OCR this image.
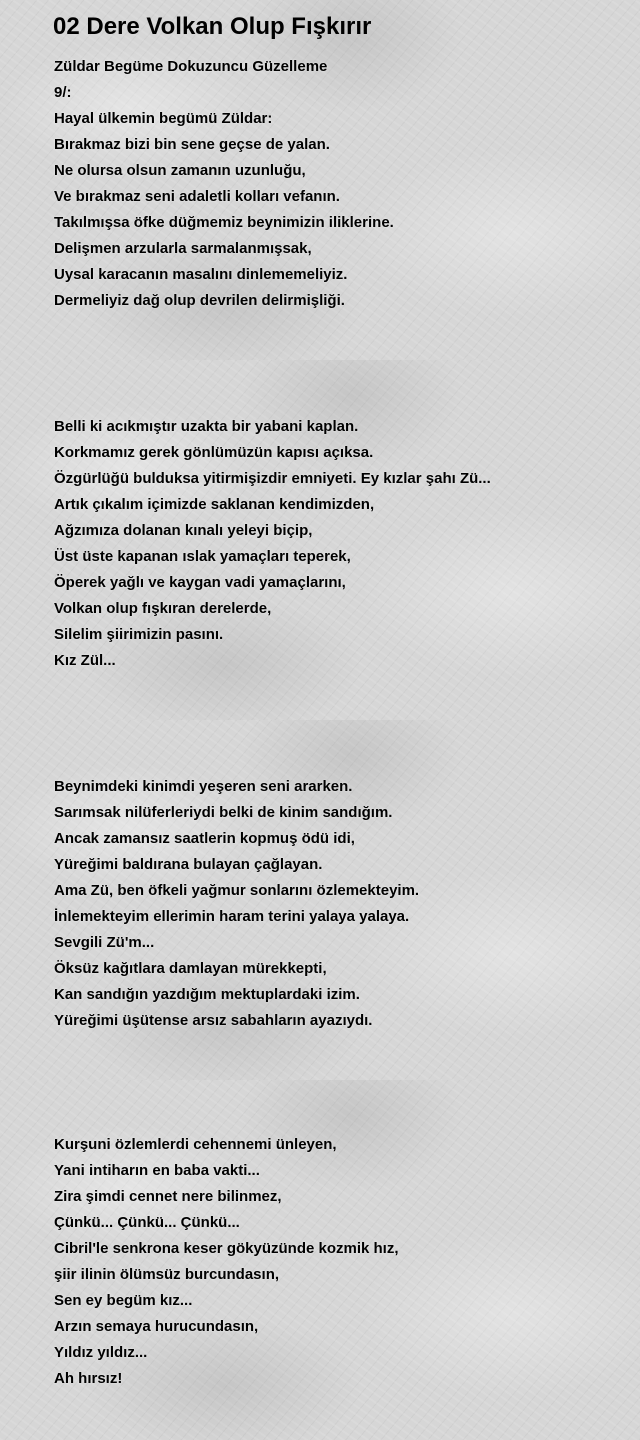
02 Dere Volkan Olup Fışkırır
Züldar Begüme Dokuzuncu Güzelleme
9/:
Hayal ülkemin begümü Züldar:
Bırakmaz bizi bin sene geçse de yalan.
Ne olursa olsun zamanın uzunluğu,
Ve bırakmaz seni adaletli kolları vefanın.
Takılmışsa öfke düğmemiz beynimizin iliklerine.
Delişmen arzularla sarmalanmışsak,
Uysal karacanın masalını dinlememeliyiz.
Dermeliyiz dağ olup devrilen delirmişliği.
Belli ki acıkmıştır uzakta bir yabani kaplan.
Korkmamız gerek gönlümüzün kapısı açıksa.
Özgürlüğü bulduksa yitirmişizdir emniyeti. Ey kızlar şahı Zü...
Artık çıkalım içimizde saklanan kendimizden,
Ağzımıza dolanan kınalı yeleyi biçip,
Üst üste kapanan ıslak yamaçları teperek,
Öperek yağlı ve kaygan vadi yamaçlarını,
Volkan olup fışkıran derelerde,
Silelim şiirimizin pasını.
Kız Zül...
Beynimdeki kinimdi yeşeren seni ararken.
Sarımsak nilüferleriydi belki de kinim sandığım.
Ancak zamansız saatlerin kopmuş ödü idi,
Yüreğimi baldırana bulayan çağlayan.
Ama Zü, ben öfkeli yağmur sonlarını özlemekteyim.
İnlemekteyim ellerimin haram terini yalaya yalaya.
Sevgili Zü'm...
Öksüz kağıtlara damlayan mürekkepti,
Kan sandığın yazdığım mektuplardaki izim.
Yüreğimi üşütense arsız sabahların ayazıydı.
Kurşuni özlemlerdi cehennemi ünleyen,
Yani intiharın en baba vakti...
Zira şimdi cennet nere bilinmez,
Çünkü... Çünkü... Çünkü...
Cibril'le senkrona keser gökyüzünde kozmik hız,
şiir ilinin ölümsüz burcundasın,
Sen ey begüm kız...
Arzın semaya hurucundasın,
Yıldız yıldız...
Ah hırsız!
